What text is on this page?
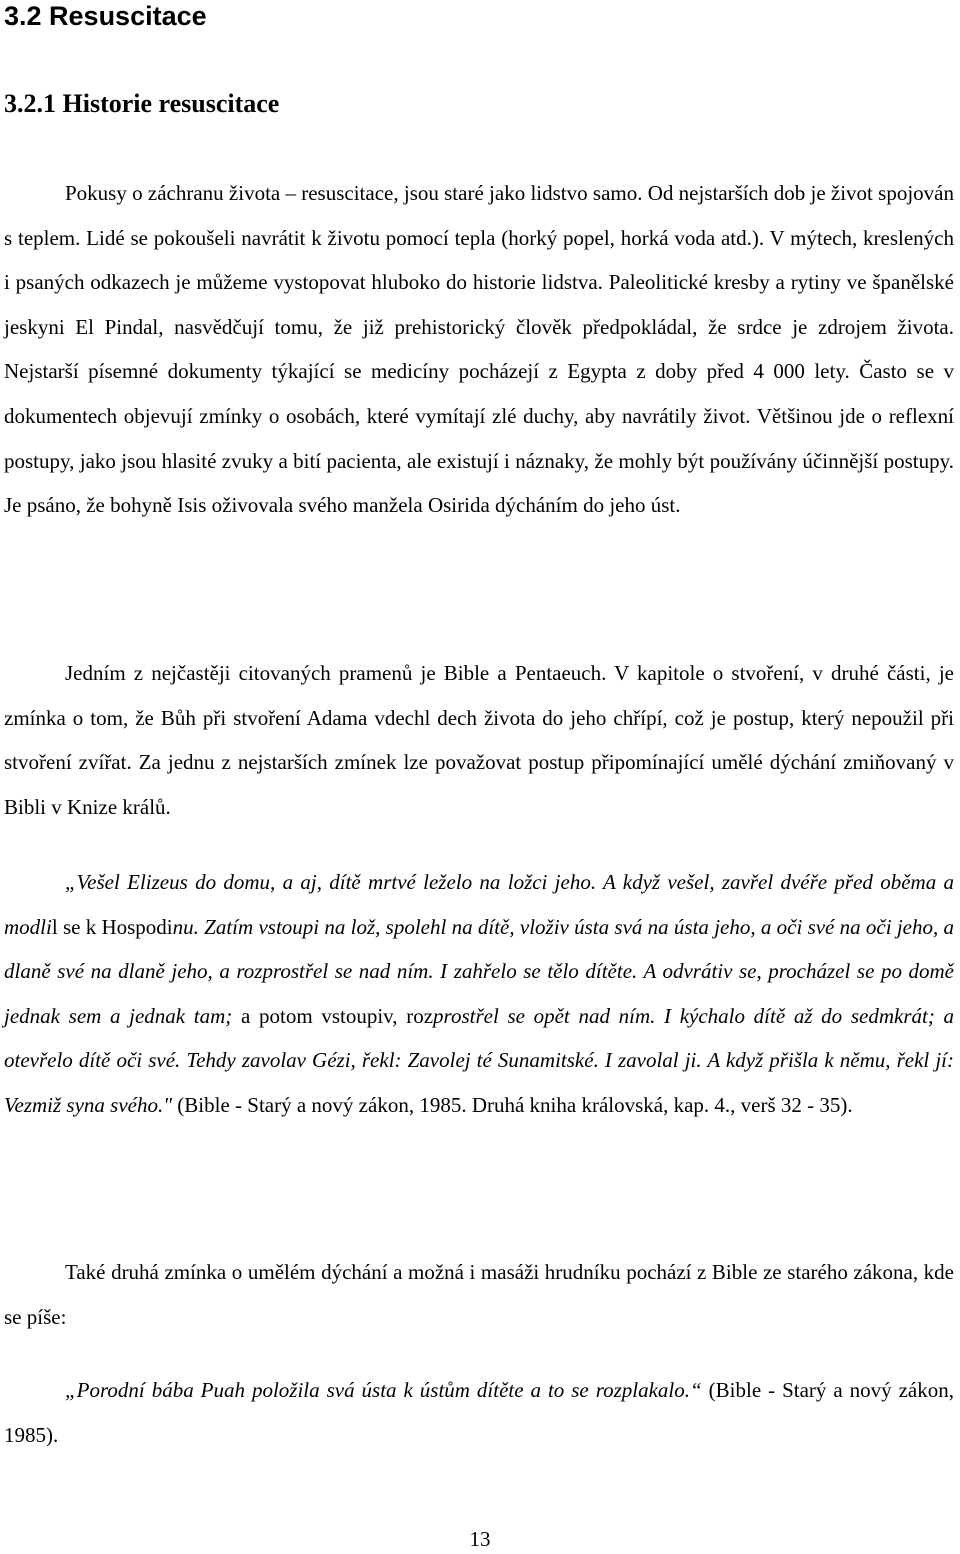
3.2 Resuscitace
3.2.1 Historie resuscitace

Pokusy o záchranu života – resuscitace, jsou staré jako lidstvo samo. Od nejstarších dob je život spojován s teplem. Lidé se pokoušeli navrátit k životu pomocí tepla (horký popel, horká voda atd.). V mýtech, kreslených i psaných odkazech je můžeme vystopovat hluboko do historie lidstva. Paleolitické kresby a rytiny ve španělské jeskyni El Pindal, nasvědčují tomu, že již prehistorický člověk předpokládal, že srdce je zdrojem života. Nejstarší písemné dokumenty týkající se medicíny pocházejí z Egypta z doby před 4 000 lety. Často se v dokumentech objevují zmínky o osobách, které vymítají zlé duchy, aby navrátily život. Většinou jde o reflexní postupy, jako jsou hlasité zvuky a bití pacienta, ale existují i náznaky, že mohly být používány účinnější postupy. Je psáno, že bohyně Isis oživovala svého manžela Osirida dýcháním do jeho úst.

Jedním z nejčastěji citovaných pramenů je Bible a Pentaeuch. V kapitole o stvoření, v druhé části, je zmínka o tom, že Bůh při stvoření Adama vdechl dech života do jeho chřípí, což je postup, který nepoužil při stvoření zvířat. Za jednu z nejstarších zmínek lze považovat postup připomínající umělé dýchání zmiňovaný v Bibli v Knize králů.

„Vešel Elizeus do domu, a aj, dítě mrtvé leželo na ložci jeho. A když vešel, zavřel dvéře před oběma a modlil se k Hospodinu. Zatím vstoupi na lož, spolehl na dítě, vloživ ústa svá na ústa jeho, a oči své na oči jeho, a dlaně své na dlaně jeho, a rozprostřel se nad ním. I zahřelo se tělo dítěte. A odvrátiv se, procházel se po domě jednak sem a jednak tam; a potom vstoupiv, rozprostřel se opět nad ním. I kýchalo dítě až do sedmkrát; a otevřelo dítě oči své. Tehdy zavolav Gézi, řekl: Zavolej té Sunamitské. I zavolal ji. A když přišla k němu, řekl jí: Vezmiž syna svého." (Bible - Starý a nový zákon, 1985. Druhá kniha královská, kap. 4., verš 32 - 35).

Také druhá zmínka o umělém dýchání a možná i masáži hrudníku pochází z Bible ze starého zákona, kde se píše:

„Porodní bába Puah položila svá ústa k ústům dítěte a to se rozplakalo.“ (Bible - Starý a nový zákon, 1985).

13
